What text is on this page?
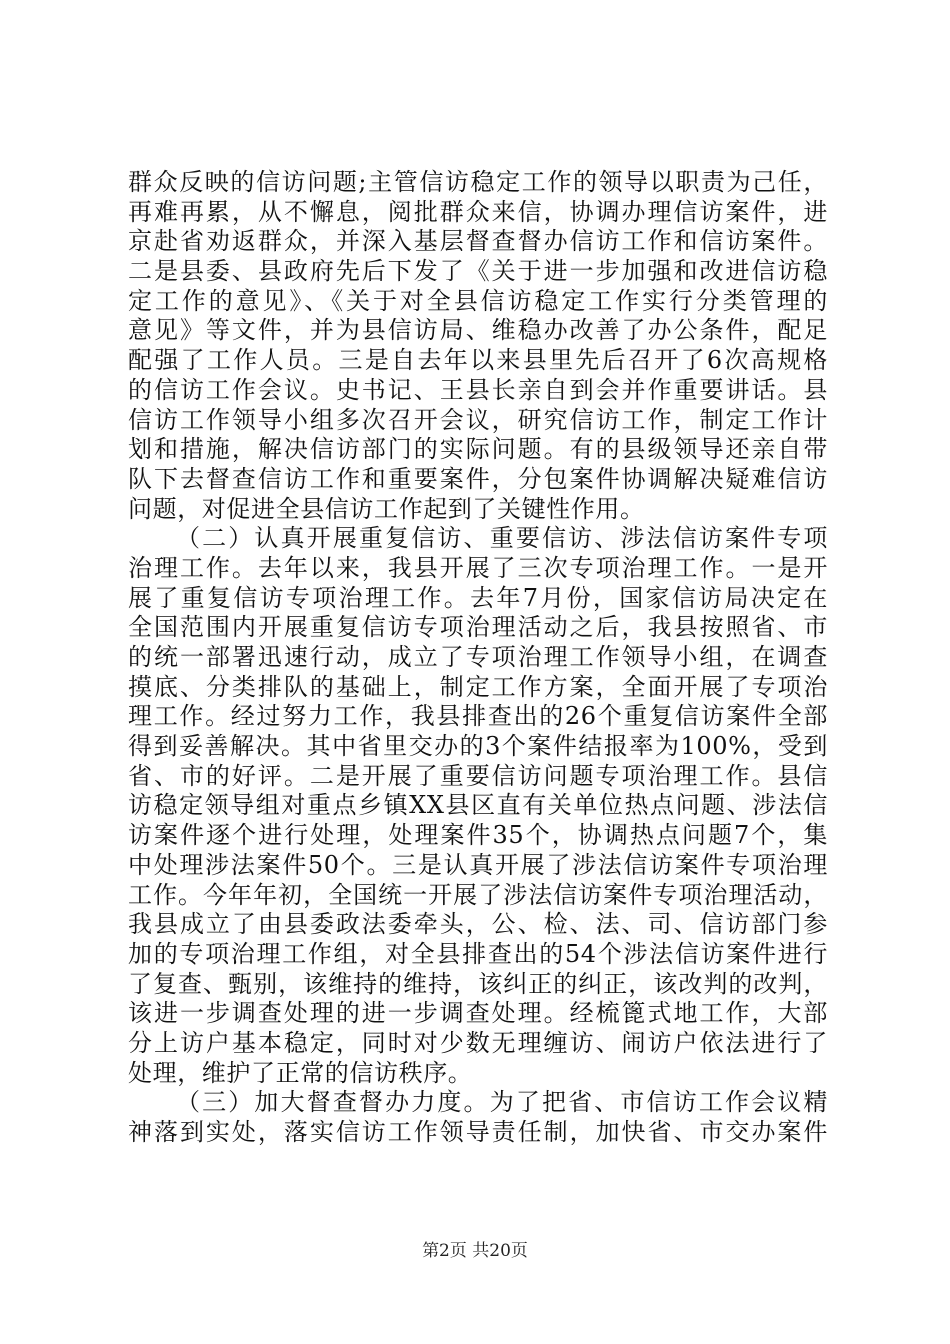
群众反映的信访问题;主管信访稳定工作的领导以职责为己任，
再难再累，从不懈息，阅批群众来信，协调办理信访案件，进
京赴省劝返群众，并深入基层督查督办信访工作和信访案件。
二是县委、县政府先后下发了《关于进一步加强和改进信访稳
定工作的意见》、《关于对全县信访稳定工作实行分类管理的
意见》等文件，并为县信访局、维稳办改善了办公条件，配足
配强了工作人员。三是自去年以来县里先后召开了6次高规格
的信访工作会议。史书记、王县长亲自到会并作重要讲话。县
信访工作领导小组多次召开会议，研究信访工作，制定工作计
划和措施，解决信访部门的实际问题。有的县级领导还亲自带
队下去督查信访工作和重要案件，分包案件协调解决疑难信访
问题，对促进全县信访工作起到了关键性作用。
（二）认真开展重复信访、重要信访、涉法信访案件专项
治理工作。去年以来，我县开展了三次专项治理工作。一是开
展了重复信访专项治理工作。去年7月份，国家信访局决定在
全国范围内开展重复信访专项治理活动之后，我县按照省、市
的统一部署迅速行动，成立了专项治理工作领导小组，在调查
摸底、分类排队的基础上，制定工作方案，全面开展了专项治
理工作。经过努力工作，我县排查出的26个重复信访案件全部
得到妥善解决。其中省里交办的3个案件结报率为100%，受到
省、市的好评。二是开展了重要信访问题专项治理工作。县信
访稳定领导组对重点乡镇XX县区直有关单位热点问题、涉法信
访案件逐个进行处理，处理案件35个，协调热点问题7个，集
中处理涉法案件50个。三是认真开展了涉法信访案件专项治理
工作。今年年初，全国统一开展了涉法信访案件专项治理活动，
我县成立了由县委政法委牵头，公、检、法、司、信访部门参
加的专项治理工作组，对全县排查出的54个涉法信访案件进行
了复查、甄别，该维持的维持，该纠正的纠正，该改判的改判，
该进一步调查处理的进一步调查处理。经梳篦式地工作，大部
分上访户基本稳定，同时对少数无理缠访、闹访户依法进行了
处理，维护了正常的信访秩序。
（三）加大督查督办力度。为了把省、市信访工作会议精
神落到实处，落实信访工作领导责任制，加快省、市交办案件
第2页 共20页
